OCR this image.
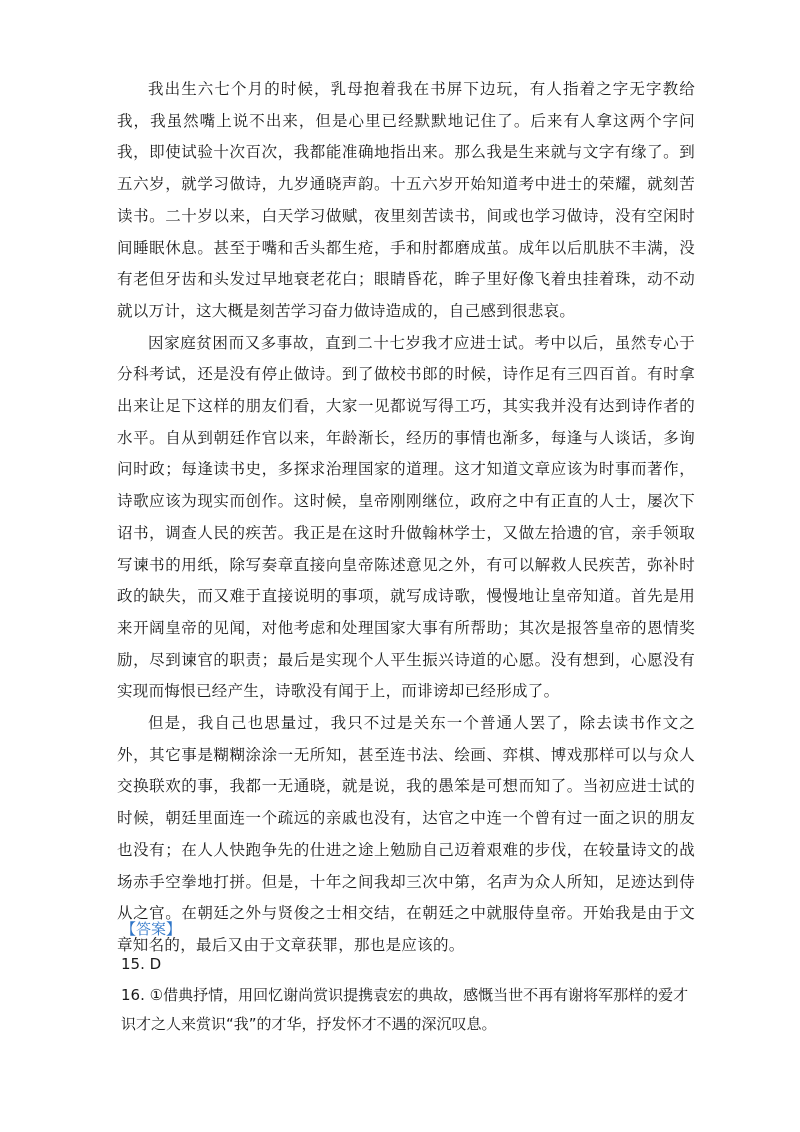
我出生六七个月的时候，乳母抱着我在书屏下边玩，有人指着之字无字教给我，我虽然嘴上说不出来，但是心里已经默默地记住了。后来有人拿这两个字问我，即使试验十次百次，我都能准确地指出来。那么我是生来就与文字有缘了。到五六岁，就学习做诗，九岁通晓声韵。十五六岁开始知道考中进士的荣耀，就刻苦读书。二十岁以来，白天学习做赋，夜里刻苦读书，间或也学习做诗，没有空闲时间睡眠休息。甚至于嘴和舌头都生疮，手和肘都磨成茧。成年以后肌肤不丰满，没有老但牙齿和头发过早地衰老花白；眼睛昏花，眸子里好像飞着虫挂着珠，动不动就以万计，这大概是刻苦学习奋力做诗造成的，自己感到很悲哀。

因家庭贫困而又多事故，直到二十七岁我才应进士试。考中以后，虽然专心于分科考试，还是没有停止做诗。到了做校书郎的时候，诗作足有三四百首。有时拿出来让足下这样的朋友们看，大家一见都说写得工巧，其实我并没有达到诗作者的水平。自从到朝廷作官以来，年龄渐长，经历的事情也渐多，每逢与人谈话，多询问时政；每逢读书史，多探求治理国家的道理。这才知道文章应该为时事而著作，诗歌应该为现实而创作。这时候，皇帝刚刚继位，政府之中有正直的人士，屡次下诏书，调查人民的疾苦。我正是在这时升做翰林学士，又做左拾遗的官，亲手领取写谏书的用纸，除写奏章直接向皇帝陈述意见之外，有可以解救人民疾苦，弥补时政的缺失，而又难于直接说明的事项，就写成诗歌，慢慢地让皇帝知道。首先是用来开阔皇帝的见闻，对他考虑和处理国家大事有所帮助；其次是报答皇帝的恩情奖励，尽到谏官的职责；最后是实现个人平生振兴诗道的心愿。没有想到，心愿没有实现而悔恨已经产生，诗歌没有闻于上，而诽谤却已经形成了。

但是，我自己也思量过，我只不过是关东一个普通人罢了，除去读书作文之外，其它事是糊糊涂涂一无所知，甚至连书法、绘画、弈棋、博戏那样可以与众人交换联欢的事，我都一无通晓，就是说，我的愚笨是可想而知了。当初应进士试的时候，朝廷里面连一个疏远的亲戚也没有，达官之中连一个曾有过一面之识的朋友也没有；在人人快跑争先的仕进之途上勉励自己迈着艰难的步伐，在较量诗文的战场赤手空拳地打拼。但是，十年之间我却三次中第，名声为众人所知，足迹达到侍从之官。在朝廷之外与贤俊之士相交结，在朝廷之中就服侍皇帝。开始我是由于文章知名的，最后又由于文章获罪，那也是应该的。

【答案】
15. D
16. ①借典抒情，用回忆谢尚赏识提携袁宏的典故，感慨当世不再有谢将军那样的爱才识才之人来赏识“我”的才华，抒发怀才不遇的深沉叹息。
